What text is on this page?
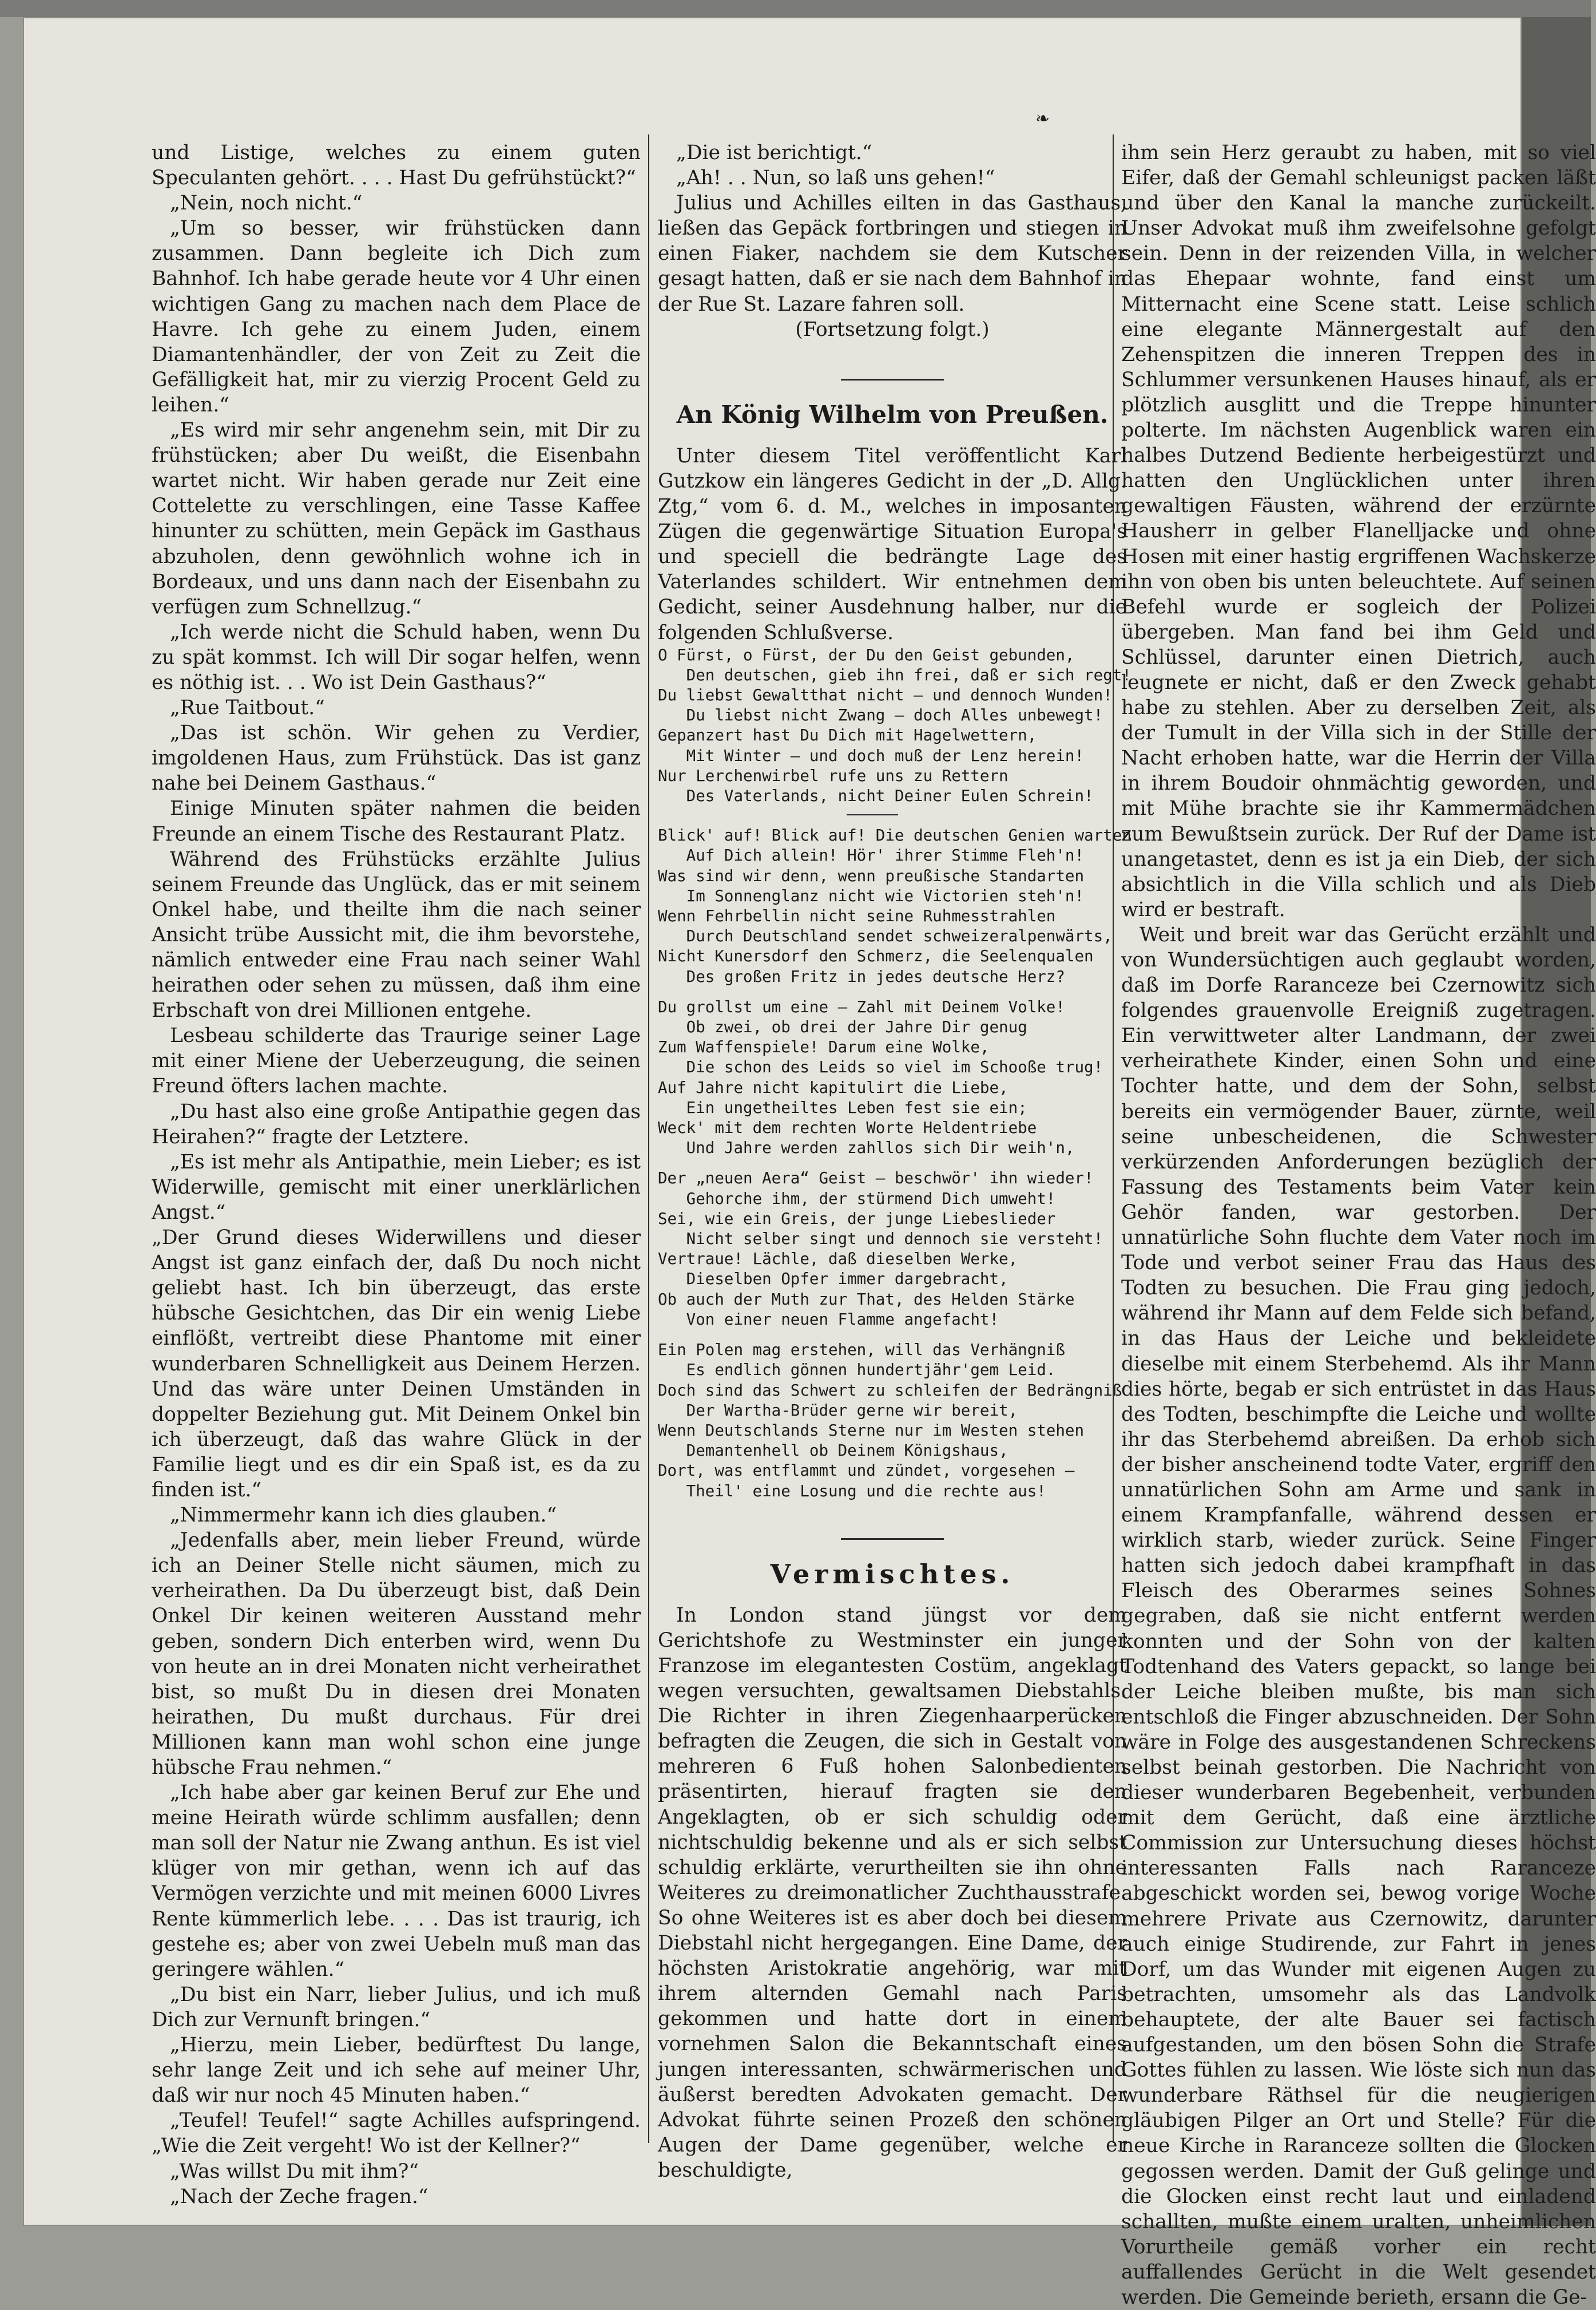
❧

und Listige, welches zu einem guten Speculanten gehört. . . . Hast Du gefrühstückt?“

„Nein, noch nicht.“

„Um so besser, wir frühstücken dann zusammen. Dann begleite ich Dich zum Bahnhof. Ich habe gerade heute vor 4 Uhr einen wichtigen Gang zu machen nach dem Place de Havre. Ich gehe zu einem Juden, einem Diamantenhändler, der von Zeit zu Zeit die Gefälligkeit hat, mir zu vierzig Procent Geld zu leihen.“

„Es wird mir sehr angenehm sein, mit Dir zu frühstücken; aber Du weißt, die Eisenbahn wartet nicht. Wir haben gerade nur Zeit eine Cottelette zu verschlingen, eine Tasse Kaffee hinunter zu schütten, mein Gepäck im Gasthaus abzuholen, denn gewöhnlich wohne ich in Bordeaux, und uns dann nach der Eisenbahn zu verfügen zum Schnellzug.“

„Ich werde nicht die Schuld haben, wenn Du zu spät kommst. Ich will Dir sogar helfen, wenn es nöthig ist. . . Wo ist Dein Gasthaus?“

„Rue Taitbout.“

„Das ist schön. Wir gehen zu Verdier, imgoldenen Haus, zum Frühstück. Das ist ganz nahe bei Deinem Gasthaus.“

Einige Minuten später nahmen die beiden Freunde an einem Tische des Restaurant Platz.

Während des Frühstücks erzählte Julius seinem Freunde das Unglück, das er mit seinem Onkel habe, und theilte ihm die nach seiner Ansicht trübe Aussicht mit, die ihm bevorstehe, nämlich entweder eine Frau nach seiner Wahl heirathen oder sehen zu müssen, daß ihm eine Erbschaft von drei Millionen entgehe.

Lesbeau schilderte das Traurige seiner Lage mit einer Miene der Ueberzeugung, die seinen Freund öfters lachen machte.

„Du hast also eine große Antipathie gegen das Heirahen?“ fragte der Letztere.

„Es ist mehr als Antipathie, mein Lieber; es ist Widerwille, gemischt mit einer unerklärlichen Angst.“

„Der Grund dieses Widerwillens und dieser Angst ist ganz einfach der, daß Du noch nicht geliebt hast. Ich bin überzeugt, das erste hübsche Gesichtchen, das Dir ein wenig Liebe einflößt, vertreibt diese Phantome mit einer wunderbaren Schnelligkeit aus Deinem Herzen. Und das wäre unter Deinen Umständen in doppelter Beziehung gut. Mit Deinem Onkel bin ich überzeugt, daß das wahre Glück in der Familie liegt und es dir ein Spaß ist, es da zu finden ist.“

„Nimmermehr kann ich dies glauben.“

„Jedenfalls aber, mein lieber Freund, würde ich an Deiner Stelle nicht säumen, mich zu verheirathen. Da Du überzeugt bist, daß Dein Onkel Dir keinen weiteren Ausstand mehr geben, sondern Dich enterben wird, wenn Du von heute an in drei Monaten nicht verheirathet bist, so mußt Du in diesen drei Monaten heirathen, Du mußt durchaus. Für drei Millionen kann man wohl schon eine junge hübsche Frau nehmen.“

„Ich habe aber gar keinen Beruf zur Ehe und meine Heirath würde schlimm ausfallen; denn man soll der Natur nie Zwang anthun. Es ist viel klüger von mir gethan, wenn ich auf das Vermögen verzichte und mit meinen 6000 Livres Rente kümmerlich lebe. . . . Das ist traurig, ich gestehe es; aber von zwei Uebeln muß man das geringere wählen.“

„Du bist ein Narr, lieber Julius, und ich muß Dich zur Vernunft bringen.“

„Hierzu, mein Lieber, bedürftest Du lange, sehr lange Zeit und ich sehe auf meiner Uhr, daß wir nur noch 45 Minuten haben.“

„Teufel! Teufel!“ sagte Achilles aufspringend. „Wie die Zeit vergeht! Wo ist der Kellner?“

„Was willst Du mit ihm?“

„Nach der Zeche fragen.“

„Die ist berichtigt.“

„Ah! . . Nun, so laß uns gehen!“

Julius und Achilles eilten in das Gasthaus, ließen das Gepäck fortbringen und stiegen in einen Fiaker, nachdem sie dem Kutscher gesagt hatten, daß er sie nach dem Bahnhof in der Rue St. Lazare fahren soll.

(Fortsetzung folgt.)

An König Wilhelm von Preußen.

Unter diesem Titel veröffentlicht Karl Gutzkow ein längeres Gedicht in der „D. Allg. Ztg,“ vom 6. d. M., welches in imposanten Zügen die gegenwärtige Situation Europa's und speciell die bedrängte Lage des Vaterlandes schildert. Wir entnehmen dem Gedicht, seiner Ausdehnung halber, nur die folgenden Schlußverse.

O Fürst, o Fürst, der Du den Geist gebunden,

Den deutschen, gieb ihn frei, daß er sich regt!

Du liebst Gewaltthat nicht — und dennoch Wunden!

Du liebst nicht Zwang — doch Alles unbewegt!

Gepanzert hast Du Dich mit Hagelwettern,

Mit Winter — und doch muß der Lenz herein!

Nur Lerchenwirbel rufe uns zu Rettern

Des Vaterlands, nicht Deiner Eulen Schrein!

Blick' auf! Blick auf! Die deutschen Genien warten

Auf Dich allein! Hör' ihrer Stimme Fleh'n!

Was sind wir denn, wenn preußische Standarten

Im Sonnenglanz nicht wie Victorien steh'n!

Wenn Fehrbellin nicht seine Ruhmesstrahlen

Durch Deutschland sendet schweizeralpenwärts,

Nicht Kunersdorf den Schmerz, die Seelenqualen

Des großen Fritz in jedes deutsche Herz?

Du grollst um eine — Zahl mit Deinem Volke!

Ob zwei, ob drei der Jahre Dir genug

Zum Waffenspiele! Darum eine Wolke,

Die schon des Leids so viel im Schooße trug!

Auf Jahre nicht kapitulirt die Liebe,

Ein ungetheiltes Leben fest sie ein;

Weck' mit dem rechten Worte Heldentriebe

Und Jahre werden zahllos sich Dir weih'n,

Der „neuen Aera“ Geist — beschwör' ihn wieder!

Gehorche ihm, der stürmend Dich umweht!

Sei, wie ein Greis, der junge Liebeslieder

Nicht selber singt und dennoch sie versteht!

Vertraue! Lächle, daß dieselben Werke,

Dieselben Opfer immer dargebracht,

Ob auch der Muth zur That, des Helden Stärke

Von einer neuen Flamme angefacht!

Ein Polen mag erstehen, will das Verhängniß

Es endlich gönnen hundertjähr'gem Leid.

Doch sind das Schwert zu schleifen der Bedrängniß

Der Wartha-Brüder gerne wir bereit,

Wenn Deutschlands Sterne nur im Westen stehen

Demantenhell ob Deinem Königshaus,

Dort, was entflammt und zündet, vorgesehen —

Theil' eine Losung und die rechte aus!

Vermischtes.

In London stand jüngst vor dem Gerichtshofe zu Westminster ein junger Franzose im elegantesten Costüm, angeklagt wegen versuchten, gewaltsamen Diebstahls. Die Richter in ihren Ziegenhaarperücken befragten die Zeugen, die sich in Gestalt von mehreren 6 Fuß hohen Salonbedienten präsentirten, hierauf fragten sie den Angeklagten, ob er sich schuldig oder nichtschuldig bekenne und als er sich selbst schuldig erklärte, verurtheilten sie ihn ohne Weiteres zu dreimonatlicher Zuchthausstrafe. So ohne Weiteres ist es aber doch bei diesem Diebstahl nicht hergegangen. Eine Dame, der höchsten Aristokratie angehörig, war mit ihrem alternden Gemahl nach Paris gekommen und hatte dort in einem vornehmen Salon die Bekanntschaft eines jungen interessanten, schwärmerischen und äußerst beredten Advokaten gemacht. Der Advokat führte seinen Prozeß den schönen Augen der Dame gegenüber, welche er beschuldigte,

ihm sein Herz geraubt zu haben, mit so viel Eifer, daß der Gemahl schleunigst packen läßt und über den Kanal la manche zurückeilt. Unser Advokat muß ihm zweifelsohne gefolgt sein. Denn in der reizenden Villa, in welcher das Ehepaar wohnte, fand einst um Mitternacht eine Scene statt. Leise schlich eine elegante Männergestalt auf den Zehenspitzen die inneren Treppen des in Schlummer versunkenen Hauses hinauf, als er plötzlich ausglitt und die Treppe hinunter polterte. Im nächsten Augenblick waren ein halbes Dutzend Bediente herbeigestürzt und hatten den Unglücklichen unter ihren gewaltigen Fäusten, während der erzürnte Hausherr in gelber Flanelljacke und ohne Hosen mit einer hastig ergriffenen Wachskerze ihn von oben bis unten beleuchtete. Auf seinen Befehl wurde er sogleich der Polizei übergeben. Man fand bei ihm Geld und Schlüssel, darunter einen Dietrich, auch leugnete er nicht, daß er den Zweck gehabt habe zu stehlen. Aber zu derselben Zeit, als der Tumult in der Villa sich in der Stille der Nacht erhoben hatte, war die Herrin der Villa in ihrem Boudoir ohnmächtig geworden, und mit Mühe brachte sie ihr Kammermädchen zum Bewußtsein zurück. Der Ruf der Dame ist unangetastet, denn es ist ja ein Dieb, der sich absichtlich in die Villa schlich und als Dieb wird er bestraft.

Weit und breit war das Gerücht erzählt und von Wundersüchtigen auch geglaubt worden, daß im Dorfe Raranceze bei Czernowitz sich folgendes grauenvolle Ereigniß zugetragen. Ein verwittweter alter Landmann, der zwei verheirathete Kinder, einen Sohn und eine Tochter hatte, und dem der Sohn, selbst bereits ein vermögender Bauer, zürnte, weil seine unbescheidenen, die Schwester verkürzenden Anforderungen bezüglich der Fassung des Testaments beim Vater kein Gehör fanden, war gestorben. Der unnatürliche Sohn fluchte dem Vater noch im Tode und verbot seiner Frau das Haus des Todten zu besuchen. Die Frau ging jedoch, während ihr Mann auf dem Felde sich befand, in das Haus der Leiche und bekleidete dieselbe mit einem Sterbehemd. Als ihr Mann dies hörte, begab er sich entrüstet in das Haus des Todten, beschimpfte die Leiche und wollte ihr das Sterbehemd abreißen. Da erhob sich der bisher anscheinend todte Vater, ergriff den unnatürlichen Sohn am Arme und sank in einem Krampfanfalle, während dessen er wirklich starb, wieder zurück. Seine Finger hatten sich jedoch dabei krampfhaft in das Fleisch des Oberarmes seines Sohnes gegraben, daß sie nicht entfernt werden konnten und der Sohn von der kalten Todtenhand des Vaters gepackt, so lange bei der Leiche bleiben mußte, bis man sich entschloß die Finger abzuschneiden. Der Sohn wäre in Folge des ausgestandenen Schreckens selbst beinah gestorben. Die Nachricht von dieser wunderbaren Begebenheit, verbunden mit dem Gerücht, daß eine ärztliche Commission zur Untersuchung dieses höchst interessanten Falls nach Raranceze abgeschickt worden sei, bewog vorige Woche mehrere Private aus Czernowitz, darunter auch einige Studirende, zur Fahrt in jenes Dorf, um das Wunder mit eigenen Augen zu betrachten, umsomehr als das Landvolk behauptete, der alte Bauer sei factisch aufgestanden, um den bösen Sohn die Strafe Gottes fühlen zu lassen. Wie löste sich nun das wunderbare Räthsel für die neugierigen gläubigen Pilger an Ort und Stelle? Für die neue Kirche in Raranceze sollten die Glocken gegossen werden. Damit der Guß gelinge und die Glocken einst recht laut und einladend schallten, mußte einem uralten, unheimlichen Vorurtheile gemäß vorher ein recht auffallendes Gerücht in die Welt gesendet werden. Die Gemeinde berieth, ersann die Ge-
